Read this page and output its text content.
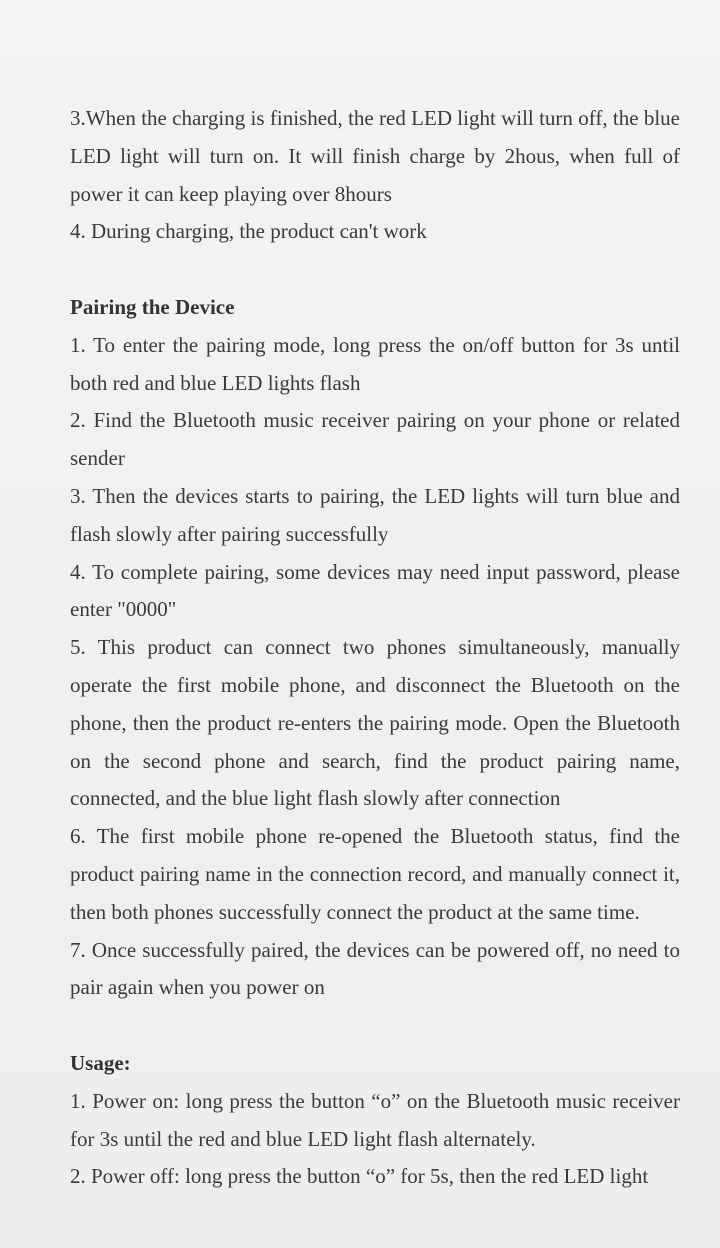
3.When the charging is finished, the red LED light will turn off, the blue LED light will turn on. It will finish charge by 2hous, when full of power it can keep playing over 8hours

4. During charging, the product can't work

Pairing the Device

1. To enter the pairing mode, long press the on/off button for 3s until both red and blue LED lights flash

2. Find the Bluetooth music receiver pairing on your phone or related sender

3. Then the devices starts to pairing, the LED lights will turn blue and flash slowly after pairing successfully

4. To complete pairing, some devices may need input password, please enter "0000"

5. This product can connect two phones simultaneously, manually operate the first mobile phone, and disconnect the Bluetooth on the phone, then the product re-enters the pairing mode. Open the Bluetooth on the second phone and search, find the product pairing name, connected, and the blue light flash slowly after connection

6. The first mobile phone re-opened the Bluetooth status, find the product pairing name in the connection record, and manually connect it, then both phones successfully connect the product at the same time.

7. Once successfully paired, the devices can be powered off, no need to pair again when you power on

Usage:

1. Power on: long press the button “o” on the Bluetooth music receiver for 3s until the red and blue LED light flash alternately.

2. Power off: long press the button “o” for 5s, then the red LED light
